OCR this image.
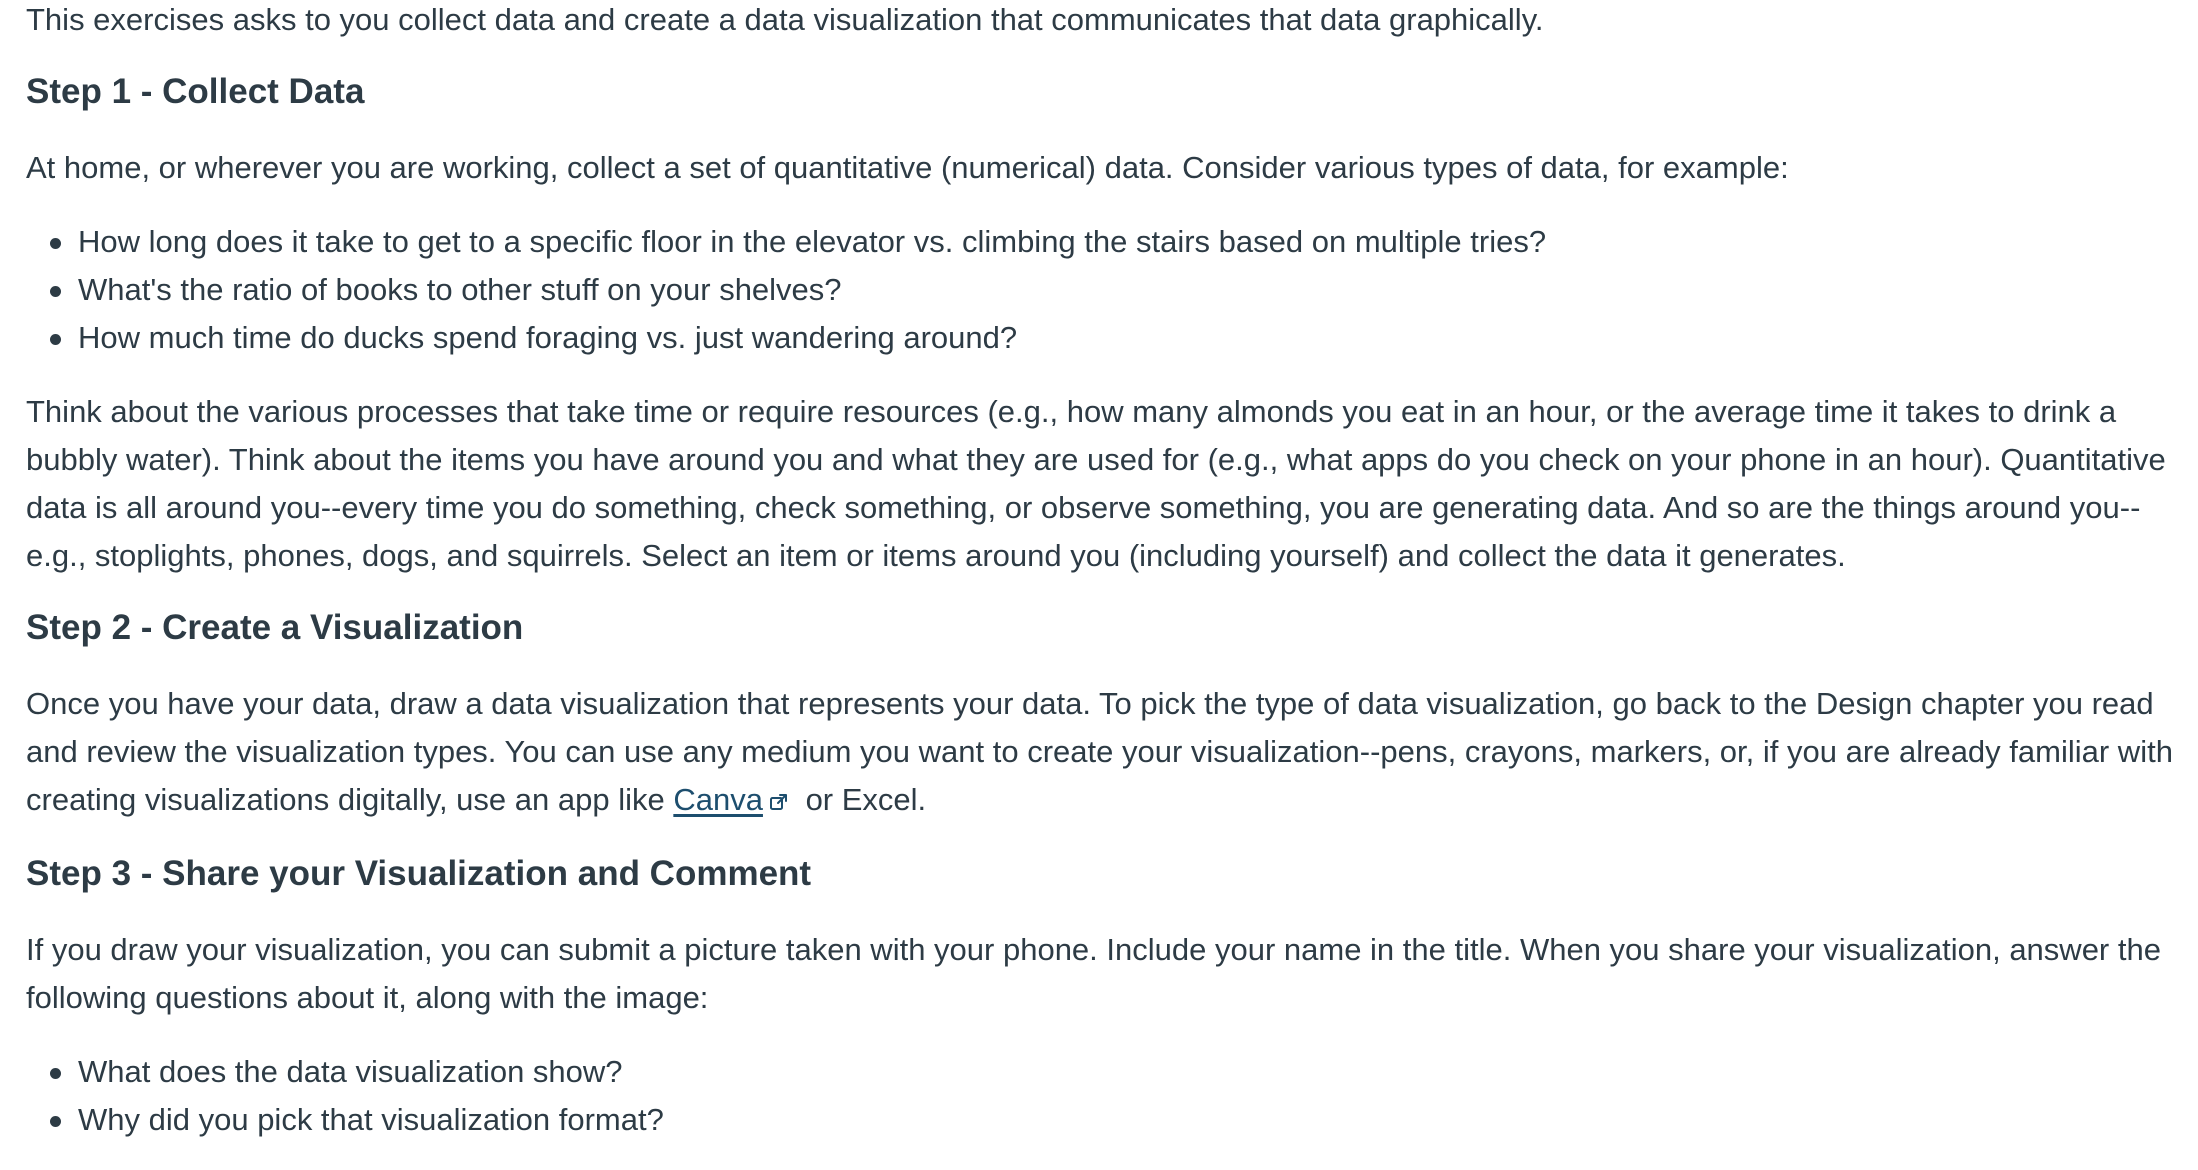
This exercises asks to you collect data and create a data visualization that communicates that data graphically.

Step 1 - Collect Data

At home, or wherever you are working, collect a set of quantitative (numerical) data. Consider various types of data, for example:

How long does it take to get to a specific floor in the elevator vs. climbing the stairs based on multiple tries?
What's the ratio of books to other stuff on your shelves?
How much time do ducks spend foraging vs. just wandering around?

Think about the various processes that take time or require resources (e.g., how many almonds you eat in an hour, or the average time it takes to drink a bubbly water). Think about the items you have around you and what they are used for (e.g., what apps do you check on your phone in an hour). Quantitative data is all around you--every time you do something, check something, or observe something, you are generating data. And so are the things around you--e.g., stoplights, phones, dogs, and squirrels. Select an item or items around you (including yourself) and collect the data it generates.

Step 2 - Create a Visualization

Once you have your data, draw a data visualization that represents your data. To pick the type of data visualization, go back to the Design chapter you read and review the visualization types. You can use any medium you want to create your visualization--pens, crayons, markers, or, if you are already familiar with creating visualizations digitally, use an app like Canva or Excel.

Step 3 - Share your Visualization and Comment

If you draw your visualization, you can submit a picture taken with your phone. Include your name in the title. When you share your visualization, answer the following questions about it, along with the image:

What does the data visualization show?
Why did you pick that visualization format?
